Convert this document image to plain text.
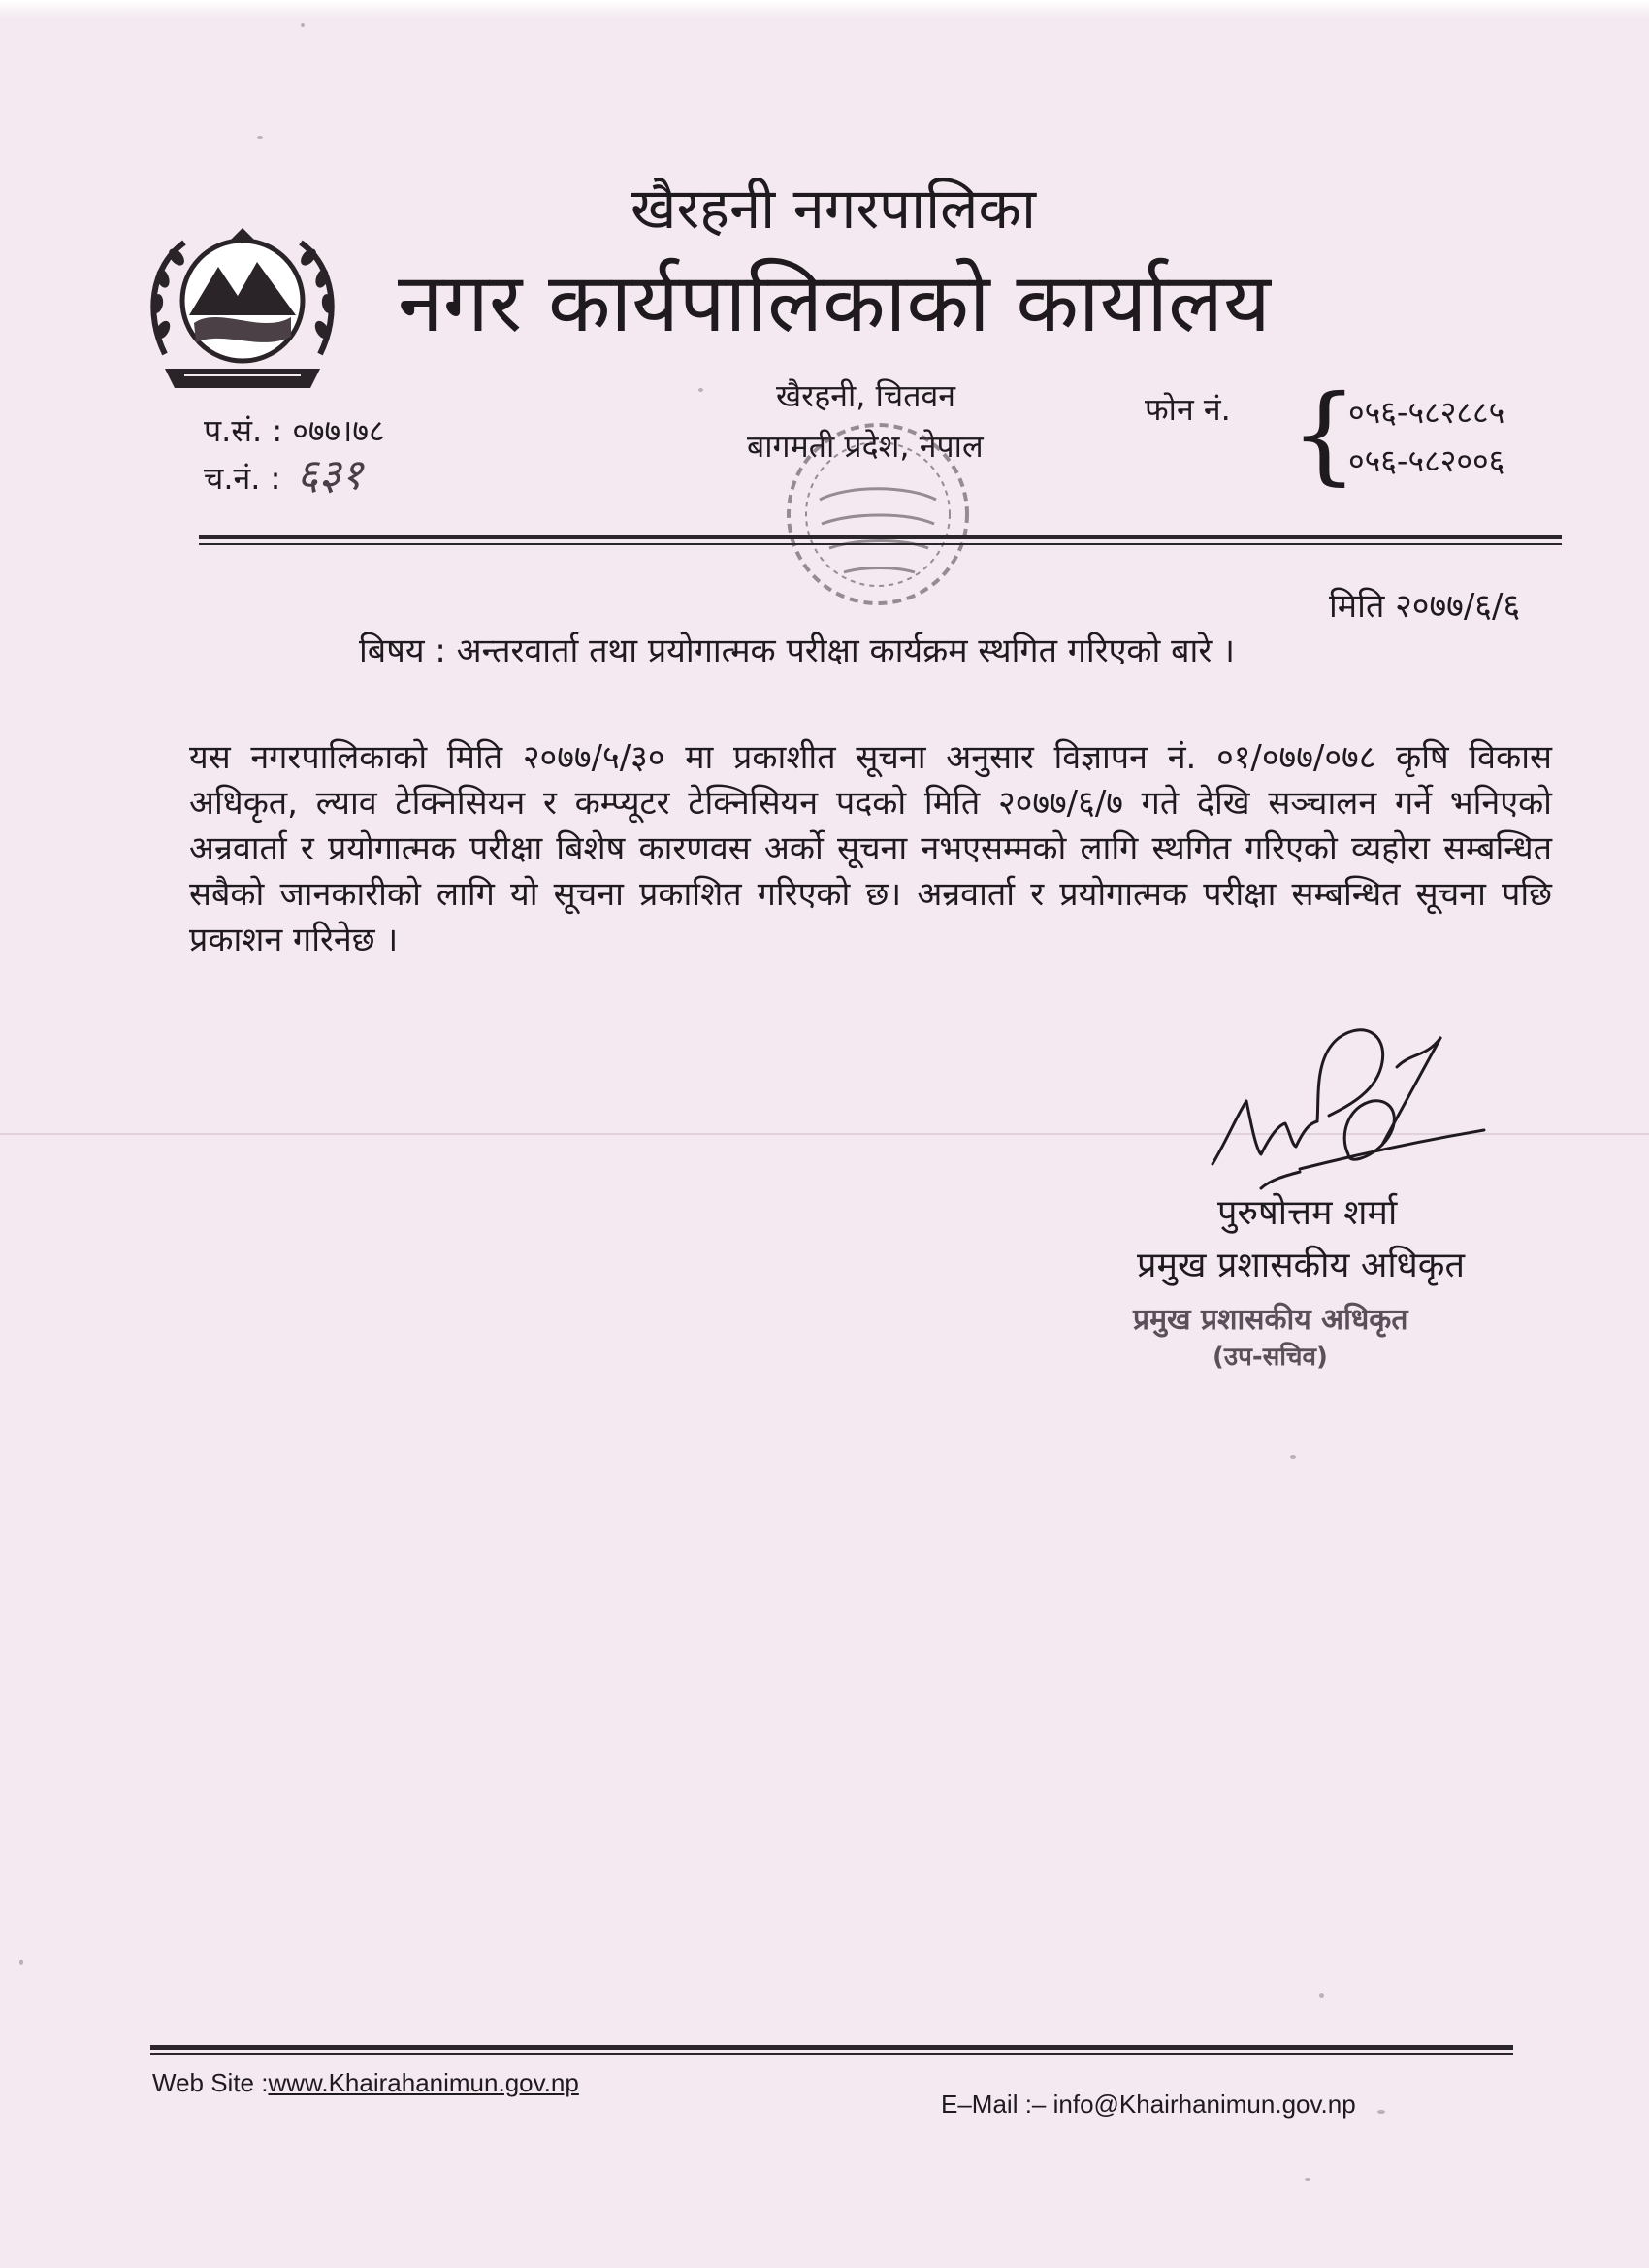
खैरहनी नगरपालिका
नगर कार्यपालिकाको कार्यालय
प.सं. : ०७७।७८
च.नं. : ६३१
खैरहनी, चितवन
बागमती प्रदेश, नेपाल
फोन नं. {
०५६-५८२८८५
०५६-५८२००६
मिति २०७७/६/६
बिषय : अन्तरवार्ता तथा प्रयोगात्मक परीक्षा कार्यक्रम स्थगित गरिएको बारे ।
यस नगरपालिकाको मिति २०७७/५/३० मा प्रकाशीत सूचना अनुसार विज्ञापन नं. ०१/०७७/०७८ कृषि विकास अधिकृत, ल्याव टेक्निसियन र कम्प्यूटर टेक्निसियन पदको मिति २०७७/६/७ गते देखि सञ्चालन गर्ने भनिएको अन्रवार्ता र प्रयोगात्मक परीक्षा बिशेष कारणवस अर्को सूचना नभएसम्मको लागि स्थगित गरिएको व्यहोरा सम्बन्धित सबैको जानकारीको लागि यो सूचना प्रकाशित गरिएको छ। अन्रवार्ता र प्रयोगात्मक परीक्षा सम्बन्धित सूचना पछि प्रकाशन गरिनेछ ।
पुरुषोत्तम शर्मा
प्रमुख प्रशासकीय अधिकृत
प्रमुख प्रशासकीय अधिकृत
(उप-सचिव)
Web Site :www.Khairahanimun.gov.np
E–Mail :– info@Khairhanimun.gov.np
